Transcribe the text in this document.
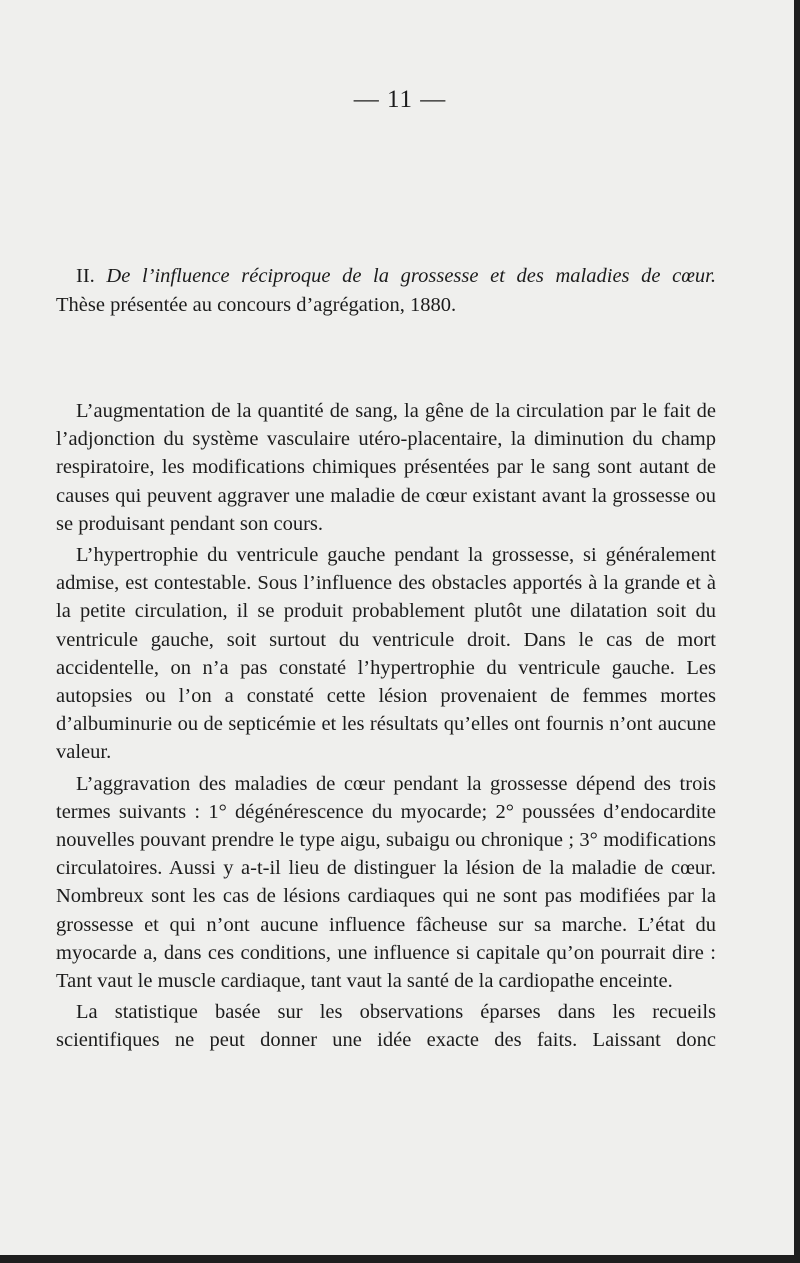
— 11 —
II. De l’influence réciproque de la grossesse et des maladies de cœur.
Thèse présentée au concours d’agrégation, 1880.

L’augmentation de la quantité de sang, la gêne de la circulation par le fait de l’adjonction du système vasculaire utéro-placentaire, la diminution du champ respiratoire, les modifications chimiques présentées par le sang sont autant de causes qui peuvent aggraver une maladie de cœur existant avant la grossesse ou se produisant pendant son cours.

L’hypertrophie du ventricule gauche pendant la grossesse, si généralement admise, est contestable. Sous l’influence des obstacles apportés à la grande et à la petite circulation, il se produit probablement plutôt une dilatation soit du ventricule gauche, soit surtout du ventricule droit. Dans le cas de mort accidentelle, on n’a pas constaté l’hypertrophie du ventricule gauche. Les autopsies ou l’on a constaté cette lésion provenaient de femmes mortes d’albuminurie ou de septicémie et les résultats qu’elles ont fournis n’ont aucune valeur.

L’aggravation des maladies de cœur pendant la grossesse dépend des trois termes suivants : 1° dégénérescence du myocarde; 2° poussées d’endocardite nouvelles pouvant prendre le type aigu, subaigu ou chronique ; 3° modifications circulatoires. Aussi y a-t-il lieu de distinguer la lésion de la maladie de cœur. Nombreux sont les cas de lésions cardiaques qui ne sont pas modifiées par la grossesse et qui n’ont aucune influence fâcheuse sur sa marche. L’état du myocarde a, dans ces conditions, une influence si capitale qu’on pourrait dire : Tant vaut le muscle cardiaque, tant vaut la santé de la cardiopathe enceinte.

La statistique basée sur les observations éparses dans les recueils scientifiques ne peut donner une idée exacte des faits. Laissant donc
